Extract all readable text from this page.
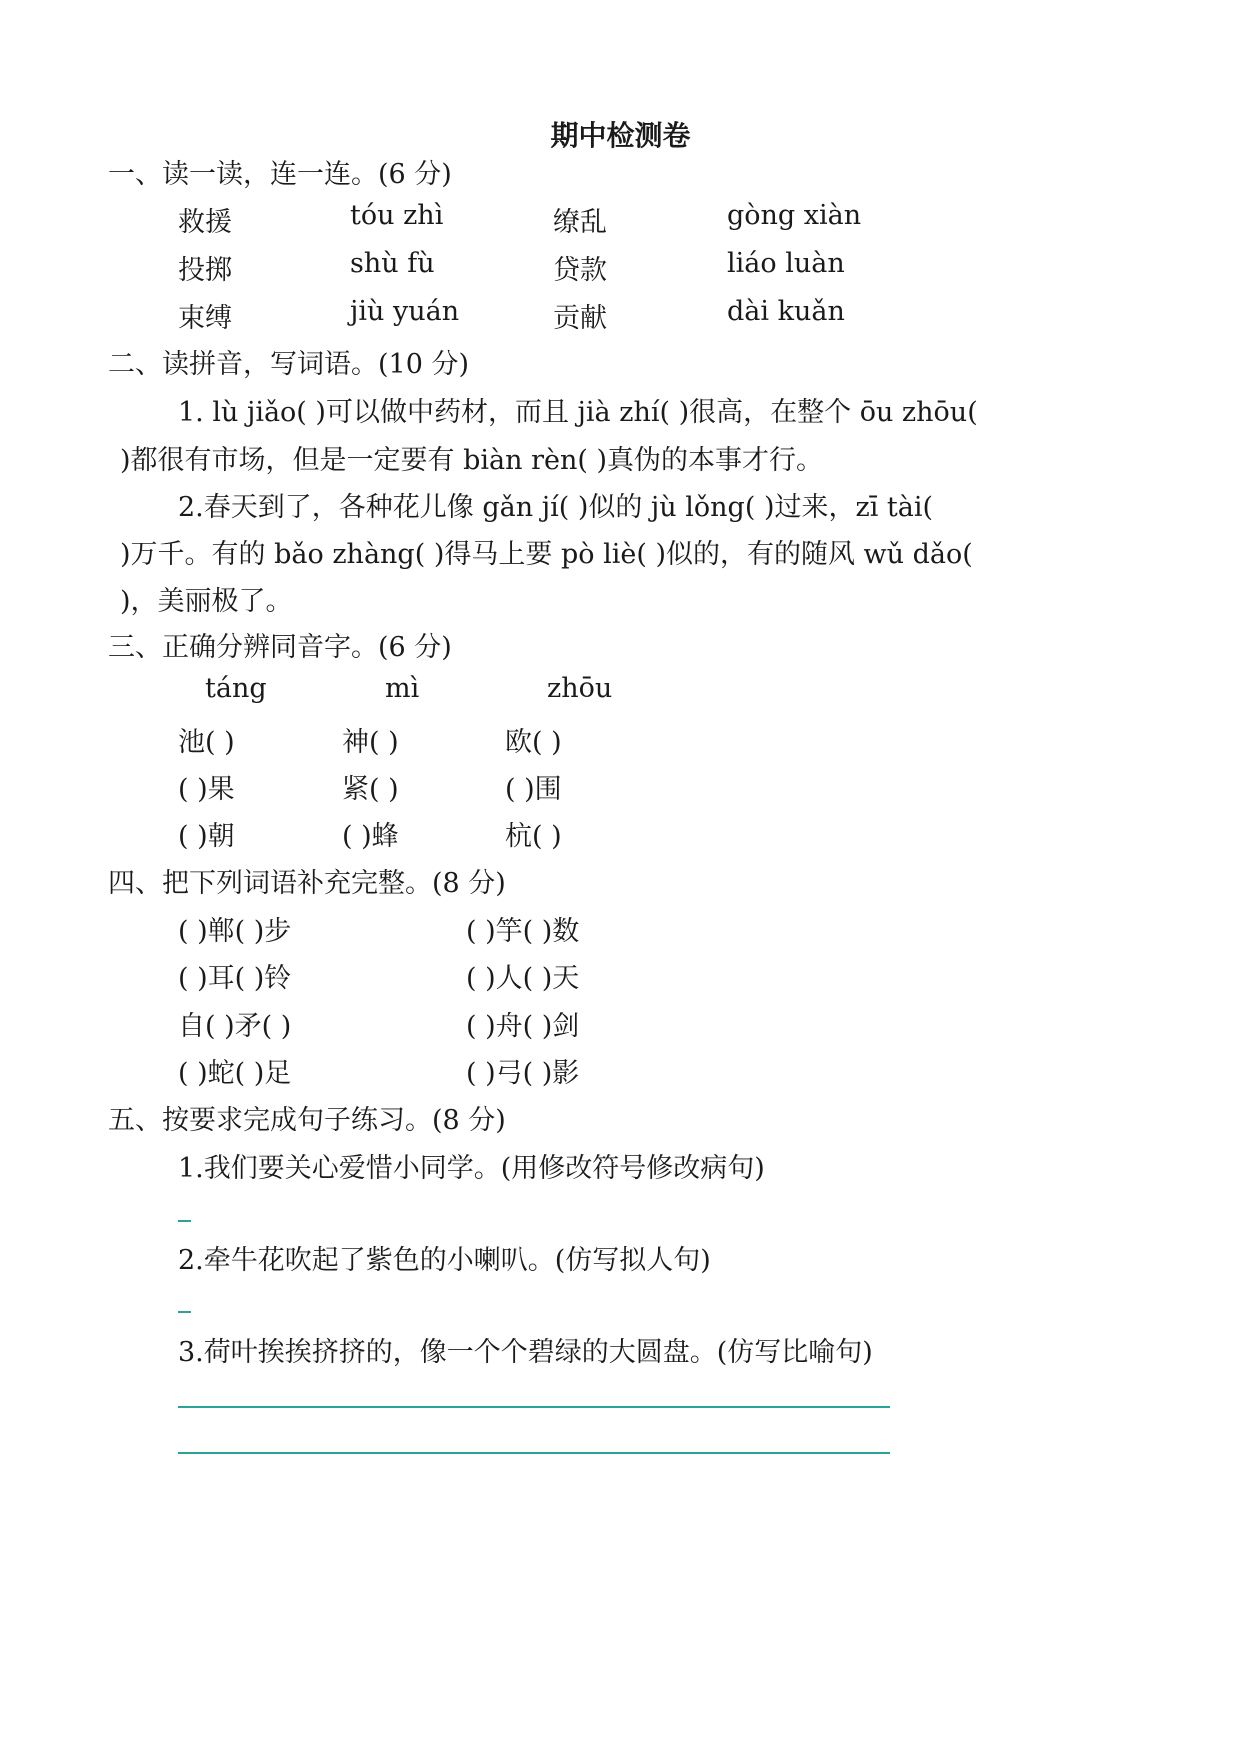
期中检测卷
一、读一读，连一连。(6 分)
救援	tóu zhì	缭乱	gòng xiàn
投掷	shù fù	贷款	liáo luàn
束缚	jiù yuán	贡献	dài kuǎn
二、读拼音，写词语。(10 分)
1. lù jiǎo( )可以做中药材，而且 jià zhí( )很高，在整个 ōu zhōu(
)都很有市场，但是一定要有 biàn rèn( )真伪的本事才行。
2.春天到了，各种花儿像 gǎn jí( )似的 jù lǒng( )过来，zī tài(
)万千。有的 bǎo zhàng( )得马上要 pò liè( )似的，有的随风 wǔ dǎo(
)，美丽极了。
三、正确分辨同音字。(6 分)
táng	mì	zhōu
池( )	神( )	欧( )
( )果	紧( )	( )围
( )朝	( )蜂	杭( )
四、把下列词语补充完整。(8 分)
( )郸( )步	( )竽( )数
( )耳( )铃	( )人( )天
自( )矛( )	( )舟( )剑
( )蛇( )足	( )弓( )影
五、按要求完成句子练习。(8 分)
1.我们要关心爱惜小同学。(用修改符号修改病句)
2.牵牛花吹起了紫色的小喇叭。(仿写拟人句)
3.荷叶挨挨挤挤的，像一个个碧绿的大圆盘。(仿写比喻句)
